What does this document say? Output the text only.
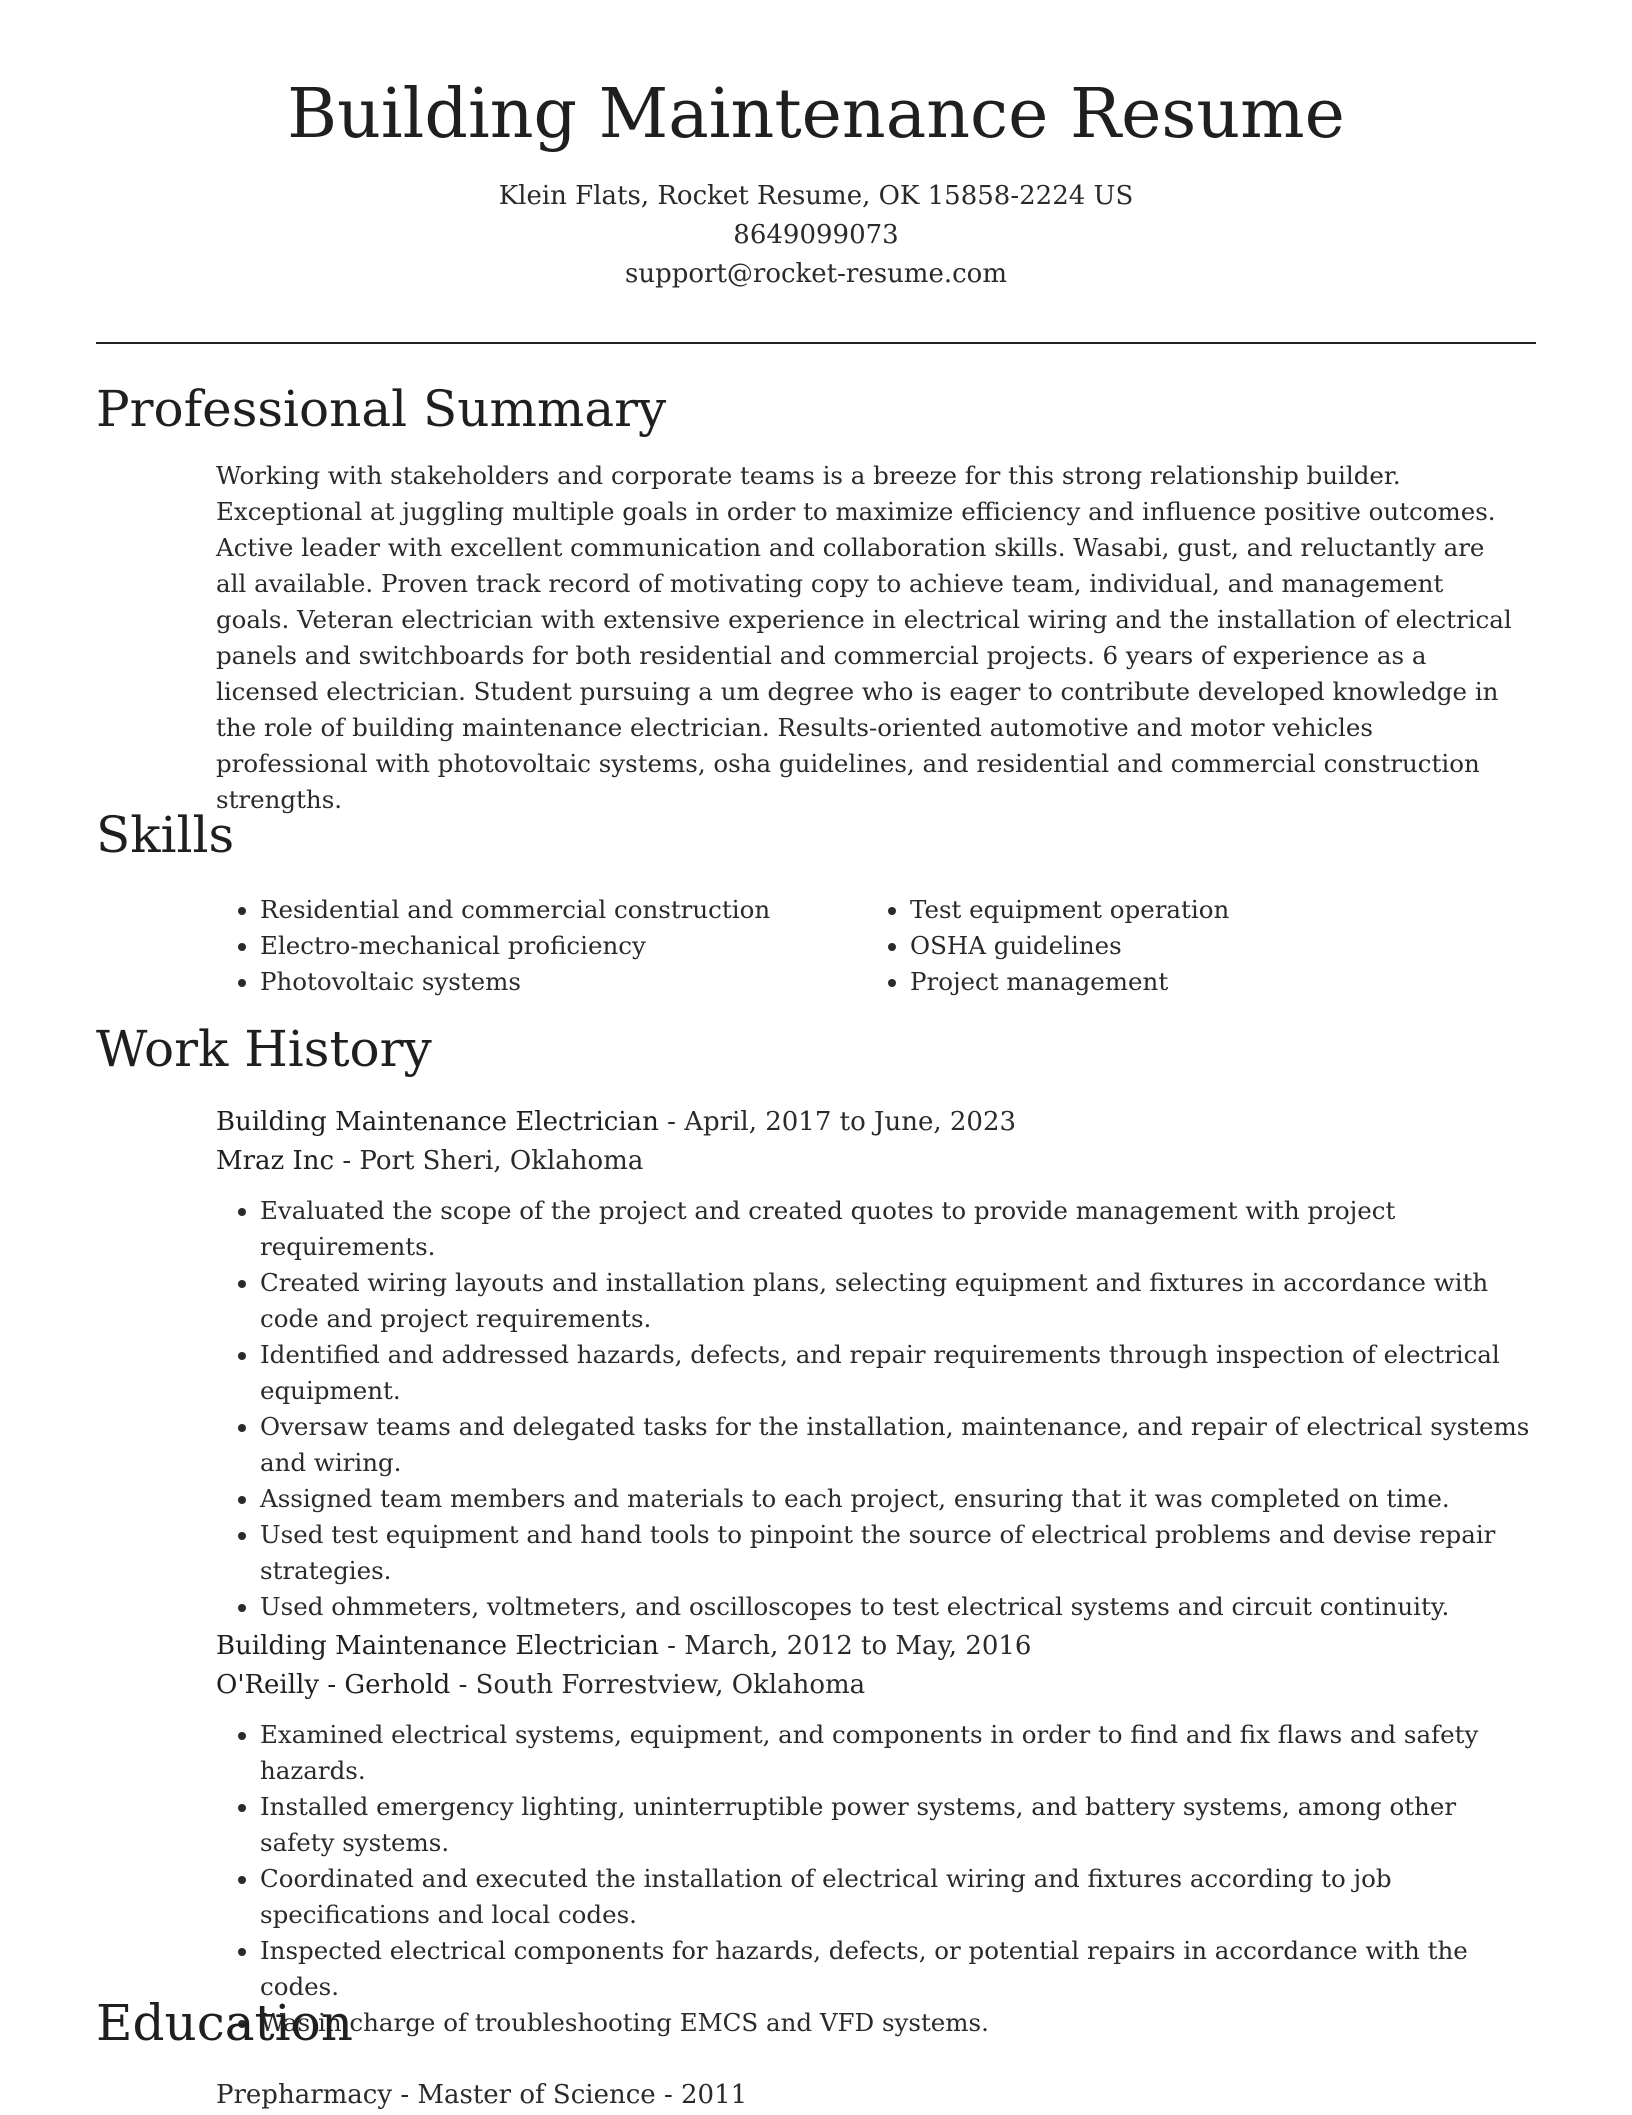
Building Maintenance Resume
Klein Flats, Rocket Resume, OK 15858-2224 US
8649099073
support@rocket-resume.com
Professional Summary

Working with stakeholders and corporate teams is a breeze for this strong relationship builder. Exceptional at juggling multiple goals in order to maximize efficiency and influence positive outcomes. Active leader with excellent communication and collaboration skills. Wasabi, gust, and reluctantly are all available. Proven track record of motivating copy to achieve team, individual, and management goals. Veteran electrician with extensive experience in electrical wiring and the installation of electrical panels and switchboards for both residential and commercial projects. 6 years of experience as a licensed electrician. Student pursuing a um degree who is eager to contribute developed knowledge in the role of building maintenance electrician. Results-oriented automotive and motor vehicles professional with photovoltaic systems, osha guidelines, and residential and commercial construction strengths.

Skills
• Residential and commercial construction
• Electro-mechanical proficiency
• Photovoltaic systems
• Test equipment operation
• OSHA guidelines
• Project management
Work History
Building Maintenance Electrician - April, 2017 to June, 2023
Mraz Inc - Port Sheri, Oklahoma
• Evaluated the scope of the project and created quotes to provide management with project requirements.
• Created wiring layouts and installation plans, selecting equipment and fixtures in accordance with code and project requirements.
• Identified and addressed hazards, defects, and repair requirements through inspection of electrical equipment.
• Oversaw teams and delegated tasks for the installation, maintenance, and repair of electrical systems and wiring.
• Assigned team members and materials to each project, ensuring that it was completed on time.
• Used test equipment and hand tools to pinpoint the source of electrical problems and devise repair strategies.
• Used ohmmeters, voltmeters, and oscilloscopes to test electrical systems and circuit continuity.
Building Maintenance Electrician - March, 2012 to May, 2016
O'Reilly - Gerhold - South Forrestview, Oklahoma
• Examined electrical systems, equipment, and components in order to find and fix flaws and safety hazards.
• Installed emergency lighting, uninterruptible power systems, and battery systems, among other safety systems.
• Coordinated and executed the installation of electrical wiring and fixtures according to job specifications and local codes.
• Inspected electrical components for hazards, defects, or potential repairs in accordance with the codes.
• Was in charge of troubleshooting EMCS and VFD systems.
Education
Prepharmacy - Master of Science - 2011
